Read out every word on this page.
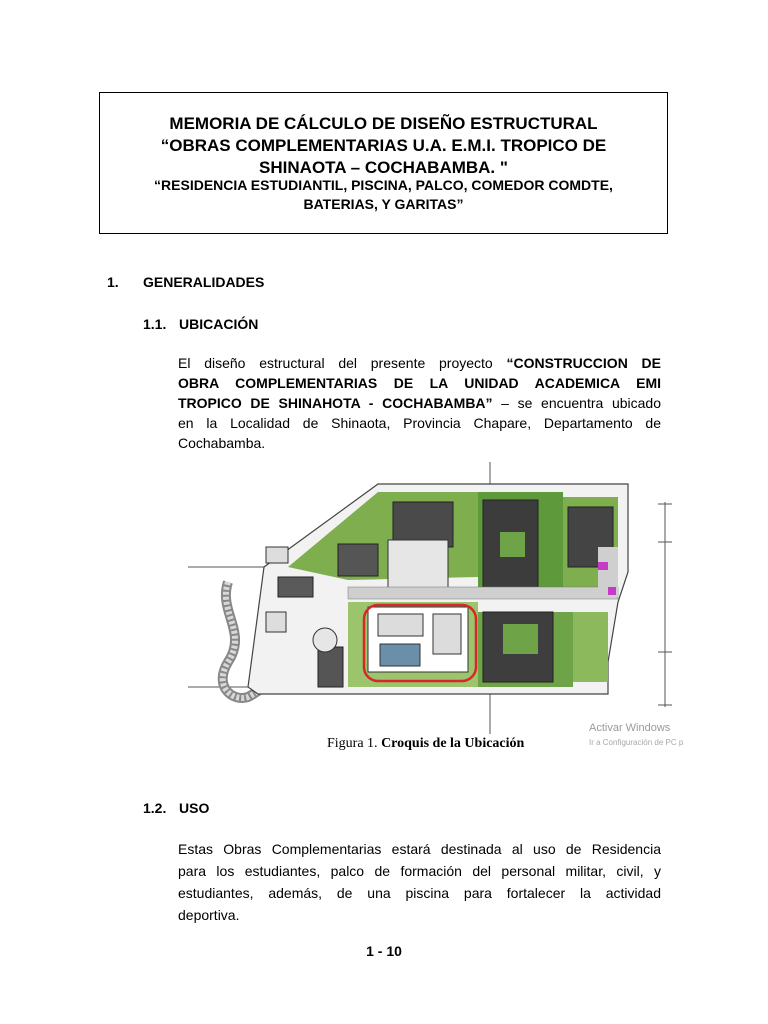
MEMORIA DE CÁLCULO DE DISEÑO ESTRUCTURAL
“OBRAS COMPLEMENTARIAS U.A. E.M.I. TROPICO DE
SHINAOTA – COCHABAMBA. "
“RESIDENCIA ESTUDIANTIL, PISCINA, PALCO, COMEDOR COMDTE,
BATERIAS, Y GARITAS”
1. GENERALIDADES
1.1. UBICACIÓN
El diseño estructural del presente proyecto “CONSTRUCCION DE
OBRA COMPLEMENTARIAS DE LA UNIDAD ACADEMICA EMI
TROPICO DE SHINAHOTA - COCHABAMBA” – se encuentra ubicado
en la Localidad de Shinaota, Provincia Chapare, Departamento de
Cochabamba.
Figura 1. Croquis de la Ubicación
Activar Windows
Ir a Configuración de PC p
1.2. USO
Estas Obras Complementarias estará destinada al uso de Residencia
para los estudiantes, palco de formación del personal militar, civil, y
estudiantes, además, de una piscina para fortalecer la actividad
deportiva.
1 - 10
